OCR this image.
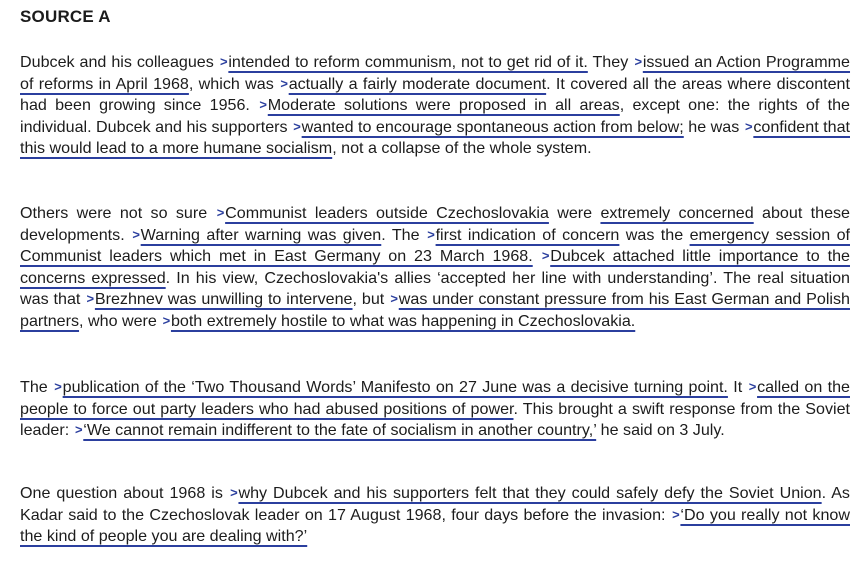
SOURCE A
Dubcek and his colleagues >intended to reform communism, not to get rid of it. They >issued an Action Programme of reforms in April 1968, which was >actually a fairly moderate document. It covered all the areas where discontent had been growing since 1956. >Moderate solutions were proposed in all areas, except one: the rights of the individual. Dubcek and his supporters >wanted to encourage spontaneous action from below; he was >confident that this would lead to a more humane socialism, not a collapse of the whole system.
Others were not so sure >Communist leaders outside Czechoslovakia were extremely concerned about these developments. >Warning after warning was given. The >first indication of concern was the emergency session of Communist leaders which met in East Germany on 23 March 1968. >Dubcek attached little importance to the concerns expressed. In his view, Czechoslovakia's allies ‘accepted her line with understanding’. The real situation was that >Brezhnev was unwilling to intervene, but >was under constant pressure from his East German and Polish partners, who were >both extremely hostile to what was happening in Czechoslovakia.
The >publication of the ‘Two Thousand Words’ Manifesto on 27 June was a decisive turning point. It >called on the people to force out party leaders who had abused positions of power. This brought a swift response from the Soviet leader: >‘We cannot remain indifferent to the fate of socialism in another country,’ he said on 3 July.
One question about 1968 is >why Dubcek and his supporters felt that they could safely defy the Soviet Union. As Kadar said to the Czechoslovak leader on 17 August 1968, four days before the invasion: >‘Do you really not know the kind of people you are dealing with?’
